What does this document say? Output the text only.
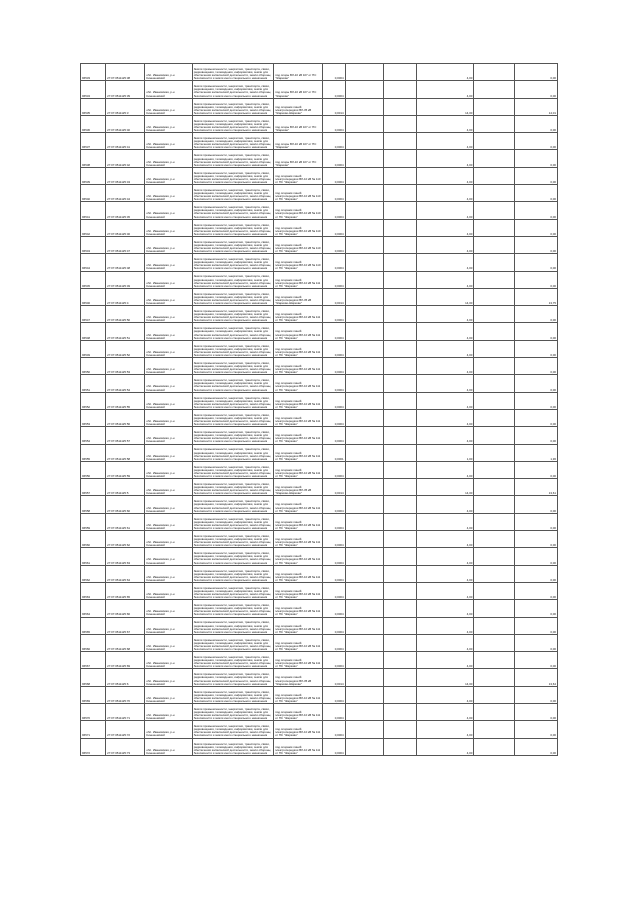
96533	27:07:0511125:38	обл. Ивановская, р-н Кинешемский	Земли промышленности, энергетики, транспорта, связи, радиовещания, телевидения, информатики, земли для обеспечения космической деятельности, земли обороны, безопасности и земли иного специального назначения	под опоры ВЛ-10 кВ 107 от ПС "Жарково"	0,0004			4,00		0,00
96534	27:07:0511125:39	обл. Ивановская, р-н Кинешемский	Земли промышленности, энергетики, транспорта, связи, радиовещания, телевидения, информатики, земли для обеспечения космической деятельности, земли обороны, безопасности и земли иного специального назначения	под опоры ВЛ-10 кВ 107 от ПС "Жарково"	0,0004			4,00		0,00
96535	27:07:0511125:3	обл. Ивановская, р-н Кинешемский	Земли промышленности, энергетики, транспорта, связи, радиовещания, телевидения, информатики, земли для обеспечения космической деятельности, земли обороны, безопасности и земли иного специального назначения	под опорами линий электропередачи ВЛ-35 кВ "Жарково-Ширково"	0,0014			14,00		14,01
96536	27:07:0511125:40	обл. Ивановская, р-н Кинешемский	Земли промышленности, энергетики, транспорта, связи, радиовещания, телевидения, информатики, земли для обеспечения космической деятельности, земли обороны, безопасности и земли иного специального назначения	под опоры ВЛ-10 кВ 107 от ПС "Жарково"	0,0004			4,00		0,00
96537	27:07:0511125:41	обл. Ивановская, р-н Кинешемский	Земли промышленности, энергетики, транспорта, связи, радиовещания, телевидения, информатики, земли для обеспечения космической деятельности, земли обороны, безопасности и земли иного специального назначения	под опоры ВЛ-10 кВ 107 от ПС "Жарково"	0,0004			4,00		0,00
96538	27:07:0511125:42	обл. Ивановская, р-н Кинешемский	Земли промышленности, энергетики, транспорта, связи, радиовещания, телевидения, информатики, земли для обеспечения космической деятельности, земли обороны, безопасности и земли иного специального назначения	под опоры ВЛ-10 кВ 107 от ПС "Жарково"	0,0004			4,00		0,00
96539	27:07:0511125:43	обл. Ивановская, р-н Кинешемский	Земли промышленности, энергетики, транспорта, связи, радиовещания, телевидения, информатики, земли для обеспечения космической деятельности, земли обороны, безопасности и земли иного специального назначения	под опорами линий электропередачи ВЛ-10 кВ № 110 от ПС "Жарково"	0,0004			4,00		0,00
96540	27:07:0511125:44	обл. Ивановская, р-н Кинешемский	Земли промышленности, энергетики, транспорта, связи, радиовещания, телевидения, информатики, земли для обеспечения космической деятельности, земли обороны, безопасности и земли иного специального назначения	под опорами линий электропередачи ВЛ-10 кВ № 110 от ПС "Жарково"	0,0004			4,00		0,00
96541	27:07:0511125:45	обл. Ивановская, р-н Кинешемский	Земли промышленности, энергетики, транспорта, связи, радиовещания, телевидения, информатики, земли для обеспечения космической деятельности, земли обороны, безопасности и земли иного специального назначения	под опорами линий электропередачи ВЛ-10 кВ № 110 от ПС "Жарково"	0,0004			4,00		0,00
96542	27:07:0511125:46	обл. Ивановская, р-н Кинешемский	Земли промышленности, энергетики, транспорта, связи, радиовещания, телевидения, информатики, земли для обеспечения космической деятельности, земли обороны, безопасности и земли иного специального назначения	под опорами линий электропередачи ВЛ-10 кВ № 110 от ПС "Жарково"	0,0004			4,00		0,00
96543	27:07:0511125:47	обл. Ивановская, р-н Кинешемский	Земли промышленности, энергетики, транспорта, связи, радиовещания, телевидения, информатики, земли для обеспечения космической деятельности, земли обороны, безопасности и земли иного специального назначения	под опорами линий электропередачи ВЛ-10 кВ № 110 от ПС "Жарково"	0,0004			4,00		0,00
96544	27:07:0511125:48	обл. Ивановская, р-н Кинешемский	Земли промышленности, энергетики, транспорта, связи, радиовещания, телевидения, информатики, земли для обеспечения космической деятельности, земли обороны, безопасности и земли иного специального назначения	под опорами линий электропередачи ВЛ-10 кВ № 110 от ПС "Жарково"	0,0004			4,00		0,00
96545	27:07:0511125:49	обл. Ивановская, р-н Кинешемский	Земли промышленности, энергетики, транспорта, связи, радиовещания, телевидения, информатики, земли для обеспечения космической деятельности, земли обороны, безопасности и земли иного специального назначения	под опорами линий электропередачи ВЛ-10 кВ № 111 от ПС "Жарково"	0,0004			4,00		0,00
96546	27:07:0511125:4	обл. Ивановская, р-н Кинешемский	Земли промышленности, энергетики, транспорта, связи, радиовещания, телевидения, информатики, земли для обеспечения космической деятельности, земли обороны, безопасности и земли иного специального назначения	под опорами линий электропередачи ВЛ-35 кВ "Жарково-Ширково"	0,0014			14,00		13,75
96547	27:07:0511125:50	обл. Ивановская, р-н Кинешемский	Земли промышленности, энергетики, транспорта, связи, радиовещания, телевидения, информатики, земли для обеспечения космической деятельности, земли обороны, безопасности и земли иного специального назначения	под опорами линий электропередачи ВЛ-10 кВ № 111 от ПС "Жарково"	0,0004			4,00		0,00
96548	27:07:0511125:51	обл. Ивановская, р-н Кинешемский	Земли промышленности, энергетики, транспорта, связи, радиовещания, телевидения, информатики, земли для обеспечения космической деятельности, земли обороны, безопасности и земли иного специального назначения	под опорами линий электропередачи ВЛ-10 кВ № 111 от ПС "Жарково"	0,0004			4,00		0,00
96549	27:07:0511125:52	обл. Ивановская, р-н Кинешемский	Земли промышленности, энергетики, транспорта, связи, радиовещания, телевидения, информатики, земли для обеспечения космической деятельности, земли обороны, безопасности и земли иного специального назначения	под опорами линий электропередачи ВЛ-10 кВ № 111 от ПС "Жарково"	0,0004			4,00		0,00
96550	27:07:0511125:53	обл. Ивановская, р-н Кинешемский	Земли промышленности, энергетики, транспорта, связи, радиовещания, телевидения, информатики, земли для обеспечения космической деятельности, земли обороны, безопасности и земли иного специального назначения	под опорами линий электропередачи ВЛ-10 кВ № 111 от ПС "Жарково"	0,0004			4,00		0,00
96551	27:07:0511125:54	обл. Ивановская, р-н Кинешемский	Земли промышленности, энергетики, транспорта, связи, радиовещания, телевидения, информатики, земли для обеспечения космической деятельности, земли обороны, безопасности и земли иного специального назначения	под опорами линий электропередачи ВЛ-10 кВ № 111 от ПС "Жарково"	0,0004			4,00		0,00
96552	27:07:0511125:55	обл. Ивановская, р-н Кинешемский	Земли промышленности, энергетики, транспорта, связи, радиовещания, телевидения, информатики, земли для обеспечения космической деятельности, земли обороны, безопасности и земли иного специального назначения	под опорами линий электропередачи ВЛ-10 кВ № 111 от ПС "Жарково"	0,0004			4,00		0,00
96553	27:07:0511125:56	обл. Ивановская, р-н Кинешемский	Земли промышленности, энергетики, транспорта, связи, радиовещания, телевидения, информатики, земли для обеспечения космической деятельности, земли обороны, безопасности и земли иного специального назначения	под опорами линий электропередачи ВЛ-10 кВ № 111 от ПС "Жарково"	0,0004			4,00		0,00
96554	27:07:0511125:57	обл. Ивановская, р-н Кинешемский	Земли промышленности, энергетики, транспорта, связи, радиовещания, телевидения, информатики, земли для обеспечения космической деятельности, земли обороны, безопасности и земли иного специального назначения	под опорами линий электропередачи ВЛ-10 кВ № 111 от ПС "Жарково"	0,0004			4,00		0,00
96555	27:07:0511125:58	обл. Ивановская, р-н Кинешемский	Земли промышленности, энергетики, транспорта, связи, радиовещания, телевидения, информатики, земли для обеспечения космической деятельности, земли обороны, безопасности и земли иного специального назначения	под опорами линий электропередачи ВЛ-10 кВ № 111 от ПС "Жарково"	0,0001			1,00		1,36
96556	27:07:0511125:59	обл. Ивановская, р-н Кинешемский	Земли промышленности, энергетики, транспорта, связи, радиовещания, телевидения, информатики, земли для обеспечения космической деятельности, земли обороны, безопасности и земли иного специального назначения	под опорами линий электропередачи ВЛ-10 кВ № 111 от ПС "Жарково"	0,0004			4,00		0,00
96557	27:07:0511125:5	обл. Ивановская, р-н Кинешемский	Земли промышленности, энергетики, транспорта, связи, радиовещания, телевидения, информатики, земли для обеспечения космической деятельности, земли обороны, безопасности и земли иного специального назначения	под опорами линий электропередачи ВЛ-35 кВ "Жарково-Ширково"	0,0014			14,00		13,61
96558	27:07:0511125:60	обл. Ивановская, р-н Кинешемский	Земли промышленности, энергетики, транспорта, связи, радиовещания, телевидения, информатики, земли для обеспечения космической деятельности, земли обороны, безопасности и земли иного специального назначения	под опорами линий электропередачи ВЛ-10 кВ № 111 от ПС "Жарково"	0,0004			4,00		0,00
96559	27:07:0511125:61	обл. Ивановская, р-н Кинешемский	Земли промышленности, энергетики, транспорта, связи, радиовещания, телевидения, информатики, земли для обеспечения космической деятельности, земли обороны, безопасности и земли иного специального назначения	под опорами линий электропередачи ВЛ-10 кВ № 111 от ПС "Жарково"	0,0004			4,00		0,00
96560	27:07:0511125:62	обл. Ивановская, р-н Кинешемский	Земли промышленности, энергетики, транспорта, связи, радиовещания, телевидения, информатики, земли для обеспечения космической деятельности, земли обороны, безопасности и земли иного специального назначения	под опорами линий электропередачи ВЛ-10 кВ № 111 от ПС "Жарково"	0,0004			4,00		0,00
96561	27:07:0511125:63	обл. Ивановская, р-н Кинешемский	Земли промышленности, энергетики, транспорта, связи, радиовещания, телевидения, информатики, земли для обеспечения космической деятельности, земли обороны, безопасности и земли иного специального назначения	под опорами линий электропередачи ВЛ-10 кВ № 111 от ПС "Жарково"	0,0004			4,00		0,00
96562	27:07:0511125:64	обл. Ивановская, р-н Кинешемский	Земли промышленности, энергетики, транспорта, связи, радиовещания, телевидения, информатики, земли для обеспечения космической деятельности, земли обороны, безопасности и земли иного специального назначения	под опорами линий электропередачи ВЛ-10 кВ № 111 от ПС "Жарково"	0,0004			4,00		0,00
96563	27:07:0511125:65	обл. Ивановская, р-н Кинешемский	Земли промышленности, энергетики, транспорта, связи, радиовещания, телевидения, информатики, земли для обеспечения космической деятельности, земли обороны, безопасности и земли иного специального назначения	под опорами линий электропередачи ВЛ-10 кВ № 111 от ПС "Жарково"	0,0004			4,00		0,00
96564	27:07:0511125:66	обл. Ивановская, р-н Кинешемский	Земли промышленности, энергетики, транспорта, связи, радиовещания, телевидения, информатики, земли для обеспечения космической деятельности, земли обороны, безопасности и земли иного специального назначения	под опорами линий электропередачи ВЛ-10 кВ № 111 от ПС "Жарково"	0,0004			4,00		0,00
96565	27:07:0511125:67	обл. Ивановская, р-н Кинешемский	Земли промышленности, энергетики, транспорта, связи, радиовещания, телевидения, информатики, земли для обеспечения космической деятельности, земли обороны, безопасности и земли иного специального назначения	под опорами линий электропередачи ВЛ-10 кВ № 111 от ПС "Жарково"	0,0004			4,00		0,00
96566	27:07:0511125:68	обл. Ивановская, р-н Кинешемский	Земли промышленности, энергетики, транспорта, связи, радиовещания, телевидения, информатики, земли для обеспечения космической деятельности, земли обороны, безопасности и земли иного специального назначения	под опорами линий электропередачи ВЛ-10 кВ № 111 от ПС "Жарково"	0,0004			4,00		0,00
96567	27:07:0511125:69	обл. Ивановская, р-н Кинешемский	Земли промышленности, энергетики, транспорта, связи, радиовещания, телевидения, информатики, земли для обеспечения космической деятельности, земли обороны, безопасности и земли иного специального назначения	под опорами линий электропередачи ВЛ-10 кВ № 111 от ПС "Жарково"	0,0004			4,00		0,00
96568	27:07:0511125:6	обл. Ивановская, р-н Кинешемский	Земли промышленности, энергетики, транспорта, связи, радиовещания, телевидения, информатики, земли для обеспечения космической деятельности, земли обороны, безопасности и земли иного специального назначения	под опорами линий электропередачи ВЛ-35 кВ "Жарково-Ширково"	0,0014			14,00		13,64
96569	27:07:0511125:70	обл. Ивановская, р-н Кинешемский	Земли промышленности, энергетики, транспорта, связи, радиовещания, телевидения, информатики, земли для обеспечения космической деятельности, земли обороны, безопасности и земли иного специального назначения	под опорами линий электропередачи ВЛ-10 кВ № 111 от ПС "Жарково"	0,0004			4,00		0,00
96570	27:07:0511125:71	обл. Ивановская, р-н Кинешемский	Земли промышленности, энергетики, транспорта, связи, радиовещания, телевидения, информатики, земли для обеспечения космической деятельности, земли обороны, безопасности и земли иного специального назначения	под опорами линий электропередачи ВЛ-10 кВ № 111 от ПС "Жарково"	0,0004			4,00		0,00
96571	27:07:0511125:72	обл. Ивановская, р-н Кинешемский	Земли промышленности, энергетики, транспорта, связи, радиовещания, телевидения, информатики, земли для обеспечения космической деятельности, земли обороны, безопасности и земли иного специального назначения	под опорами линий электропередачи ВЛ-10 кВ № 111 от ПС "Жарково"	0,0004			4,00		0,00
96572	27:07:0511125:73	обл. Ивановская, р-н Кинешемский	Земли промышленности, энергетики, транспорта, связи, радиовещания, телевидения, информатики, земли для обеспечения космической деятельности, земли обороны, безопасности и земли иного специального назначения	под опорами линий электропередачи ВЛ-10 кВ № 111 от ПС "Жарково"	0,0004			4,00		0,00
